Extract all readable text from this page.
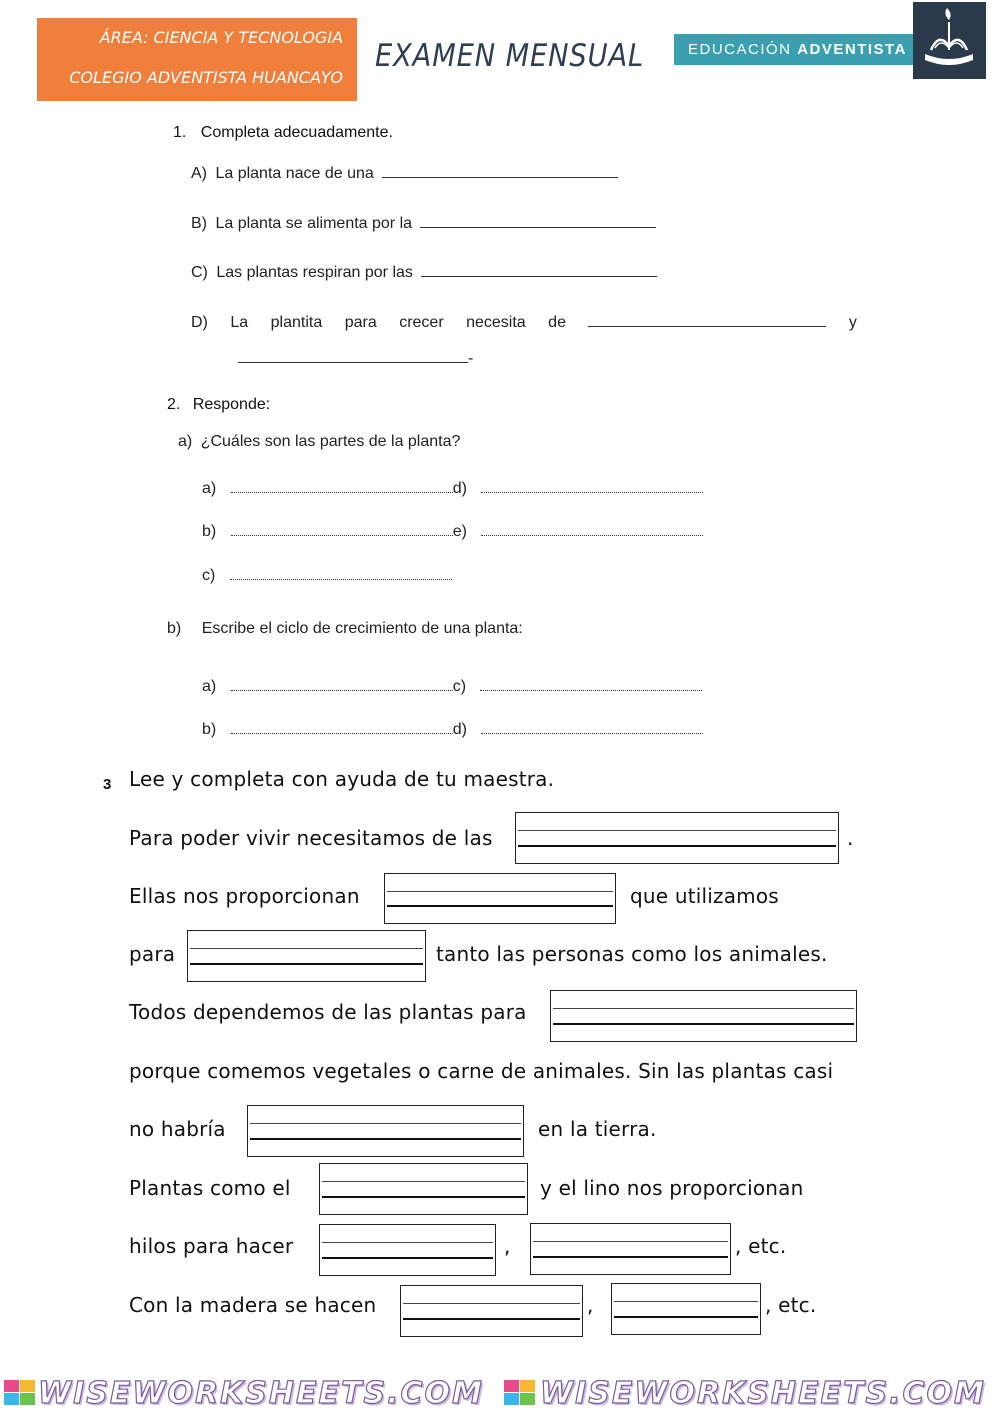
ÁREA: CIENCIA Y TECNOLOGIA
COLEGIO ADVENTISTA HUANCAYO
EXAMEN MENSUAL	EDUCACIÓN ADVENTISTA
1. Completa adecuadamente.
A) La planta nace de una
B) La planta se alimenta por la
C) Las plantas respiran por las
D) La plantita para crecer necesita de	y
-
2. Responde:
a) ¿Cuáles son las partes de la planta?
a)	d)
b)	e)
c)
b) Escribe el ciclo de crecimiento de una planta:
a)	c)
b)	d)
3 Lee y completa con ayuda de tu maestra.
Para poder vivir necesitamos de las	.
Ellas nos proporcionan	que utilizamos
para	tanto las personas como los animales.
Todos dependemos de las plantas para
porque comemos vegetales o carne de animales. Sin las plantas casi
no habría	en la tierra.
Plantas como el	y el lino nos proporcionan
hilos para hacer	,	, etc.
Con la madera se hacen	,	, etc.
WISEWORKSHEETS.COM WISEWORKSHEETS.COM
